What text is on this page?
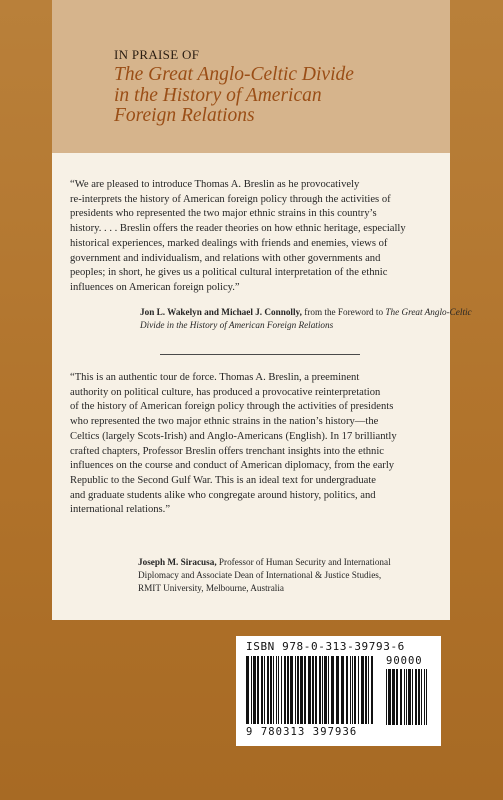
IN PRAISE OF
The Great Anglo-Celtic Divide
in the History of American
Foreign Relations
“We are pleased to introduce Thomas A. Breslin as he provocatively
re-interprets the history of American foreign policy through the activities of
presidents who represented the two major ethnic strains in this country’s
history. . . . Breslin offers the reader theories on how ethnic heritage, especially
historical experiences, marked dealings with friends and enemies, views of
government and individualism, and relations with other governments and
peoples; in short, he gives us a political cultural interpretation of the ethnic
influences on American foreign policy.”
Jon L. Wakelyn and Michael J. Connolly, from the Foreword to The Great Anglo-Celtic
Divide in the History of American Foreign Relations
“This is an authentic tour de force. Thomas A. Breslin, a preeminent
authority on political culture, has produced a provocative reinterpretation
of the history of American foreign policy through the activities of presidents
who represented the two major ethnic strains in the nation’s history—the
Celtics (largely Scots-Irish) and Anglo-Americans (English). In 17 brilliantly
crafted chapters, Professor Breslin offers trenchant insights into the ethnic
influences on the course and conduct of American diplomacy, from the early
Republic to the Second Gulf War. This is an ideal text for undergraduate
and graduate students alike who congregate around history, politics, and
international relations.”
Joseph M. Siracusa, Professor of Human Security and International
Diplomacy and Associate Dean of International & Justice Studies,
RMIT University, Melbourne, Australia
ISBN 978-0-313-39793-6
90000
9 780313 397936
